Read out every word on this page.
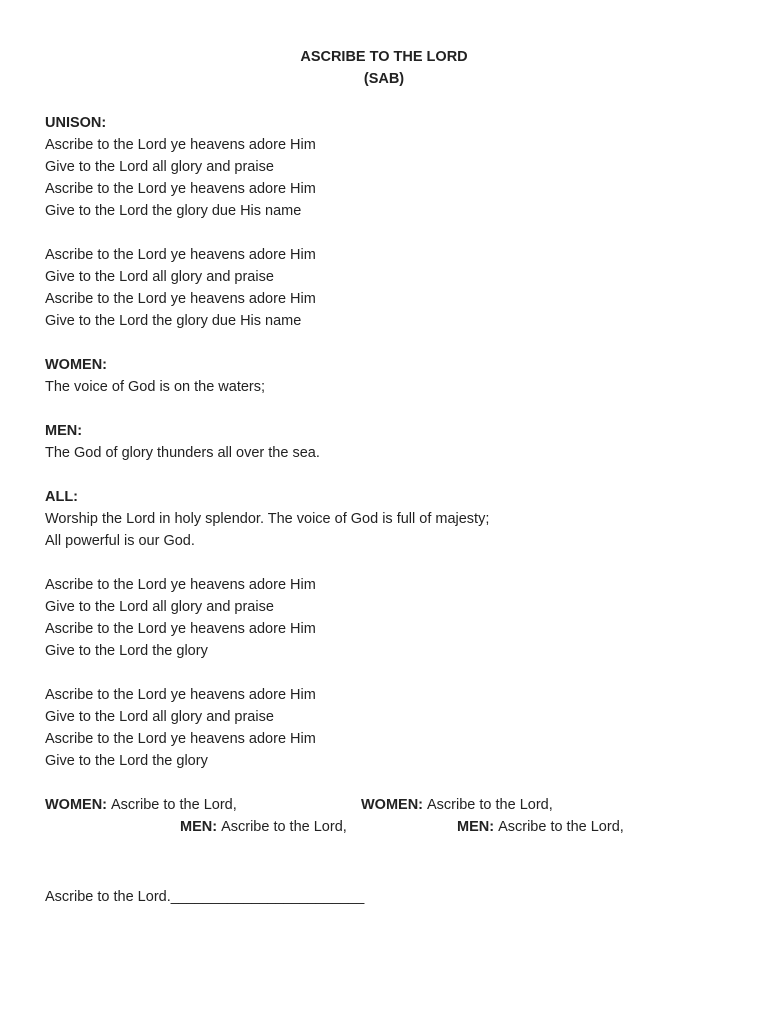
ASCRIBE TO THE LORD
(SAB)
UNISON:
Ascribe to the Lord ye heavens adore Him
Give to the Lord all glory and praise
Ascribe to the Lord ye heavens adore Him
Give to the Lord the glory due His name
Ascribe to the Lord ye heavens adore Him
Give to the Lord all glory and praise
Ascribe to the Lord ye heavens adore Him
Give to the Lord the glory due His name
WOMEN:
The voice of God is on the waters;
MEN:
The God of glory thunders all over the sea.
ALL:
Worship the Lord in holy splendor. The voice of God is full of majesty;
All powerful is our God.
Ascribe to the Lord ye heavens adore Him
Give to the Lord all glory and praise
Ascribe to the Lord ye heavens adore Him
Give to the Lord the glory
Ascribe to the Lord ye heavens adore Him
Give to the Lord all glory and praise
Ascribe to the Lord ye heavens adore Him
Give to the Lord the glory
WOMEN: Ascribe to the Lord,	WOMEN: Ascribe to the Lord,
MEN: Ascribe to the Lord,	MEN: Ascribe to the Lord,
Ascribe to the Lord.________________________
